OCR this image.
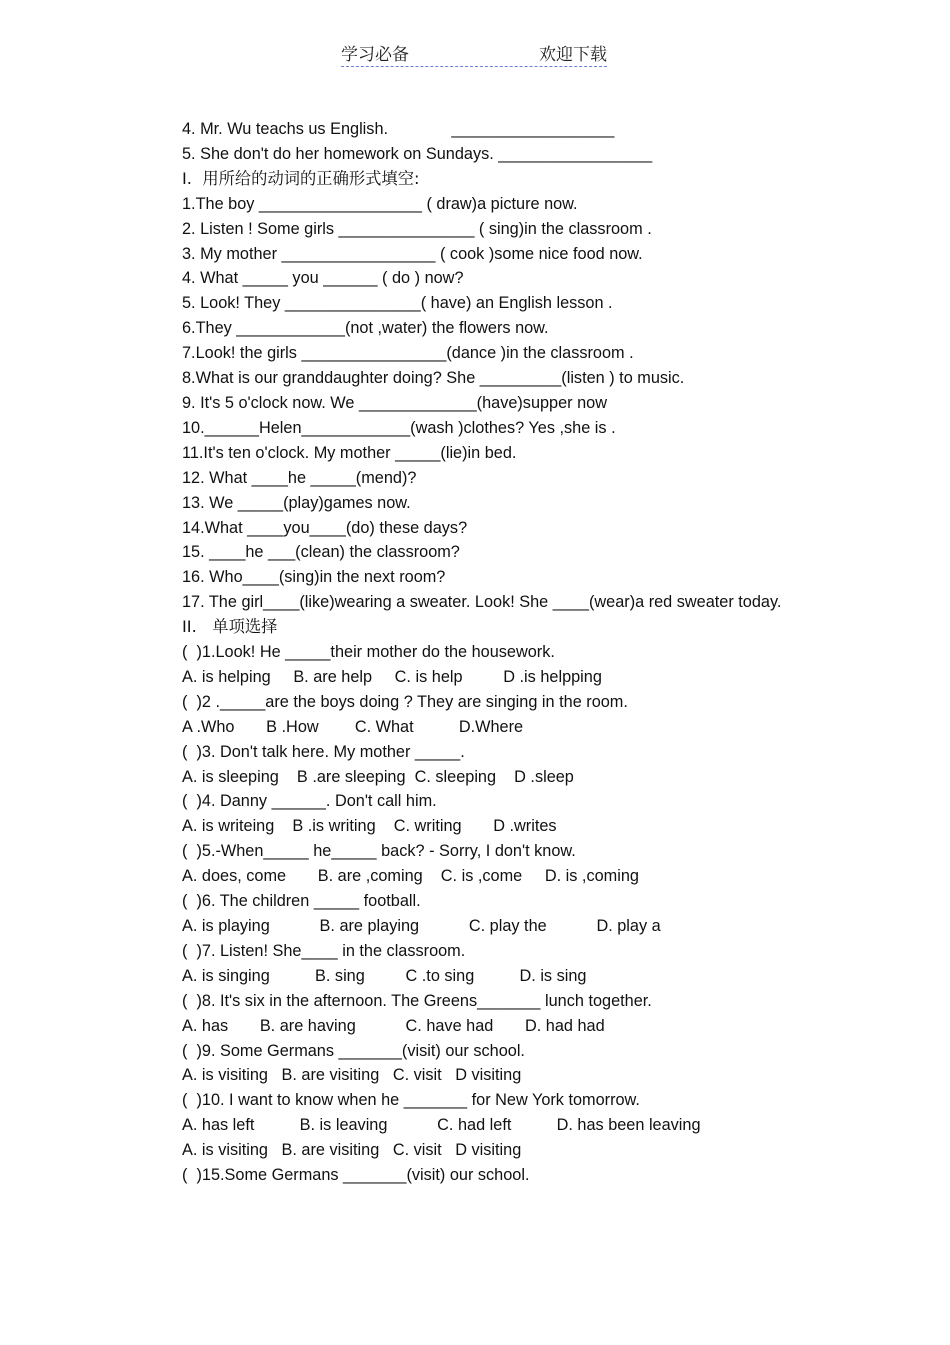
学习必备	欢迎下载
4. Mr. Wu teachs us English.              __________________
5. She don't do her homework on Sundays. _________________
I.  用所给的动词的正确形式填空:
1.The boy __________________ ( draw)a picture now.
2. Listen ! Some girls _______________ ( sing)in the classroom .
3. My mother _________________ ( cook )some nice food now.
4. What _____ you ______ ( do ) now?
5. Look! They _______________( have) an English lesson .
6.They ____________(not ,water) the flowers now.
7.Look! the girls ________________(dance )in the classroom .
8.What is our granddaughter doing? She _________(listen ) to music.
9. It's 5 o'clock now. We _____________(have)supper now
10.______Helen____________(wash )clothes? Yes ,she is .
11.It's ten o'clock. My mother _____(lie)in bed.
12. What ____he _____(mend)?
13. We _____(play)games now.
14.What ____you____(do) these days?
15. ____he ___(clean) the classroom?
16. Who____(sing)in the next room?
17. The girl____(like)wearing a sweater. Look! She ____(wear)a red sweater today.
II.   单项选择
(  )1.Look! He _____their mother do the housework.
A. is helping     B. are help     C. is help         D .is helpping
(  )2 ._____are the boys doing ? They are singing in the room.
A .Who       B .How        C. What          D.Where
(  )3. Don't talk here. My mother _____.
A. is sleeping    B .are sleeping  C. sleeping    D .sleep
(  )4. Danny ______. Don't call him.
A. is writeing    B .is writing    C. writing       D .writes
(  )5.-When_____ he_____ back? - Sorry, I don't know.
A. does, come       B. are ,coming    C. is ,come     D. is ,coming
(  )6. The children _____ football.
A. is playing           B. are playing           C. play the           D. play a
(  )7. Listen! She____ in the classroom.
A. is singing          B. sing         C .to sing          D. is sing
(  )8. It's six in the afternoon. The Greens_______ lunch together.
A. has       B. are having           C. have had       D. had had
(  )9. Some Germans _______(visit) our school.
A. is visiting   B. are visiting   C. visit   D visiting
(  )10. I want to know when he _______ for New York tomorrow.
A. has left          B. is leaving           C. had left          D. has been leaving
A. is visiting   B. are visiting   C. visit   D visiting
(  )15.Some Germans _______(visit) our school.
